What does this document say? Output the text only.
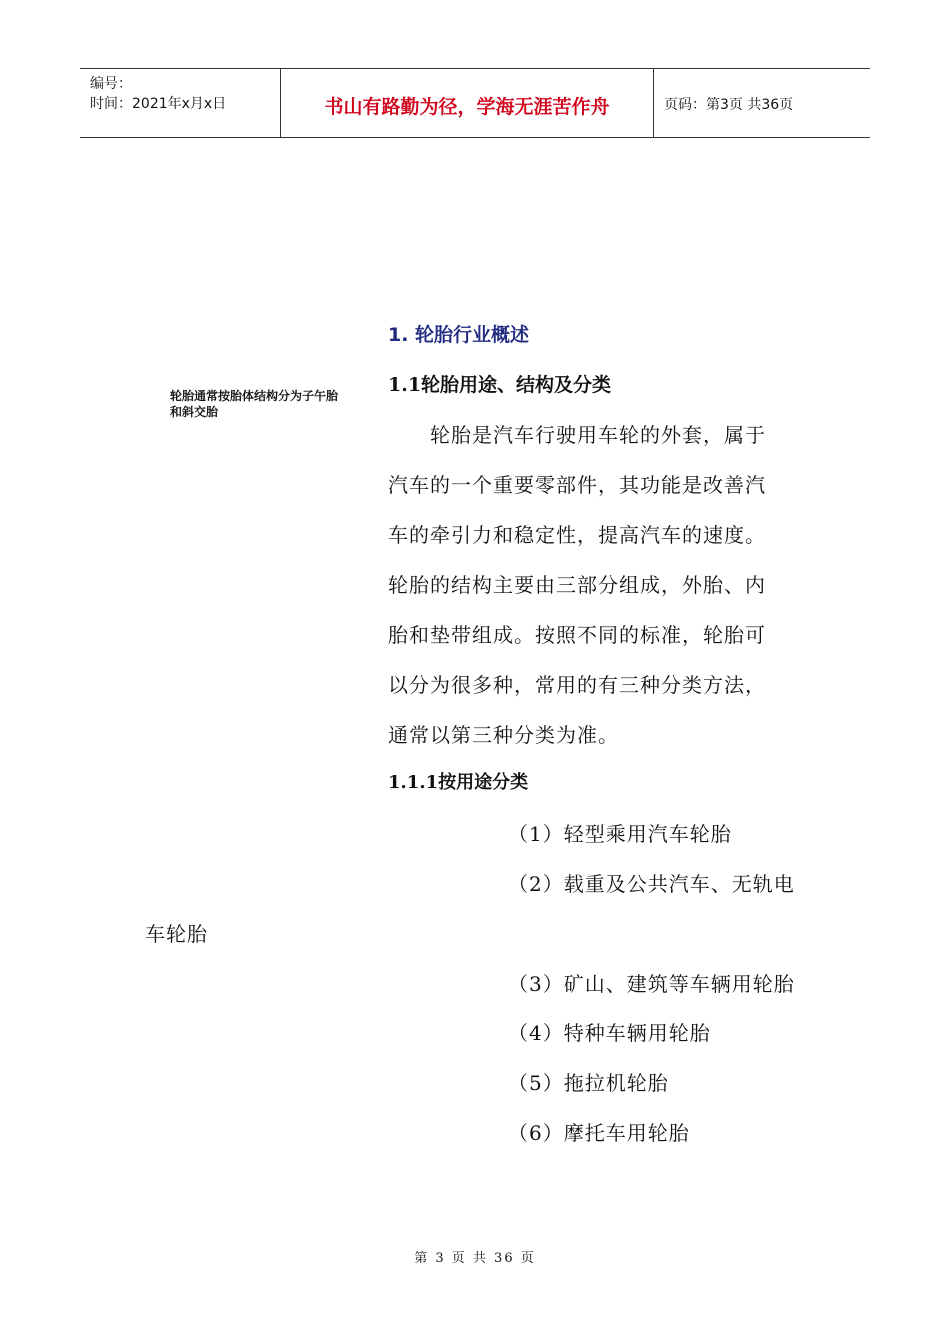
编号：
时间：2021年x月x日	书山有路勤为径，学海无涯苦作舟	页码：第3页 共36页
1. 轮胎行业概述
1.1轮胎用途、结构及分类
轮胎通常按胎体结构分为子午胎和斜交胎
轮胎是汽车行驶用车轮的外套，属于
汽车的一个重要零部件，其功能是改善汽
车的牵引力和稳定性，提高汽车的速度。
轮胎的结构主要由三部分组成，外胎、内
胎和垫带组成。按照不同的标准，轮胎可
以分为很多种，常用的有三种分类方法，
通常以第三种分类为准。
1.1.1按用途分类
（1）轻型乘用汽车轮胎
（2）载重及公共汽车、无轨电
车轮胎
（3）矿山、建筑等车辆用轮胎
（4）特种车辆用轮胎
（5）拖拉机轮胎
（6）摩托车用轮胎
第 3 页 共 36 页
